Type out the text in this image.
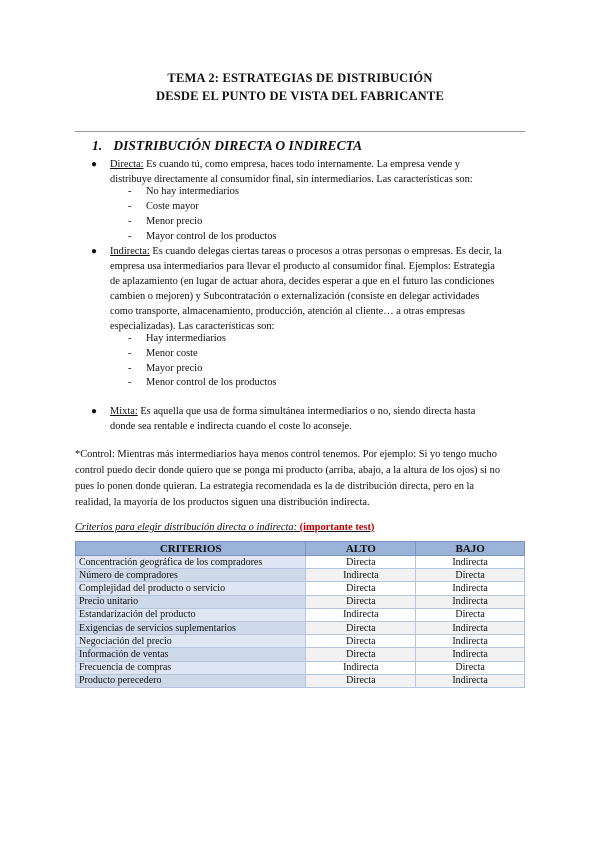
TEMA 2: ESTRATEGIAS DE DISTRIBUCIÓN
DESDE EL PUNTO DE VISTA DEL FABRICANTE
1. DISTRIBUCIÓN DIRECTA O INDIRECTA
● Directa: Es cuando tú, como empresa, haces todo internamente. La empresa vende y
distribuye directamente al consumidor final, sin intermediarios. Las características son:
- No hay intermediarios
- Coste mayor
- Menor precio
- Mayor control de los productos
● Indirecta: Es cuando delegas ciertas tareas o procesos a otras personas o empresas. Es decir, la
empresa usa intermediarios para llevar el producto al consumidor final. Ejemplos: Estrategia
de aplazamiento (en lugar de actuar ahora, decides esperar a que en el futuro las condiciones
cambien o mejoren) y Subcontratación o externalización (consiste en delegar actividades
como transporte, almacenamiento, producción, atención al cliente… a otras empresas
especializadas). Las características son:
- Hay intermediarios
- Menor coste
- Mayor precio
- Menor control de los productos
● Mixta: Es aquella que usa de forma simultánea intermediarios o no, siendo directa hasta
donde sea rentable e indirecta cuando el coste lo aconseje.
*Control: Mientras más intermediarios haya menos control tenemos. Por ejemplo: Si yo tengo mucho
control puedo decir donde quiero que se ponga mi producto (arriba, abajo, a la altura de los ojos) si no
pues lo ponen donde quieran. La estrategia recomendada es la de distribución directa, pero en la
realidad, la mayoría de los productos siguen una distribución indirecta.
Criterios para elegir distribución directa o indirecta: (importante test)
CRITERIOS	ALTO	BAJO
Concentración geográfica de los compradores	Directa	Indirecta
Número de compradores	Indirecta	Directa
Complejidad del producto o servicio	Directa	Indirecta
Precio unitario	Directa	Indirecta
Estandarización del producto	Indirecta	Directa
Exigencias de servicios suplementarios	Directa	Indirecta
Negociación del precio	Directa	Indirecta
Información de ventas	Directa	Indirecta
Frecuencia de compras	Indirecta	Directa
Producto perecedero	Directa	Indirecta
